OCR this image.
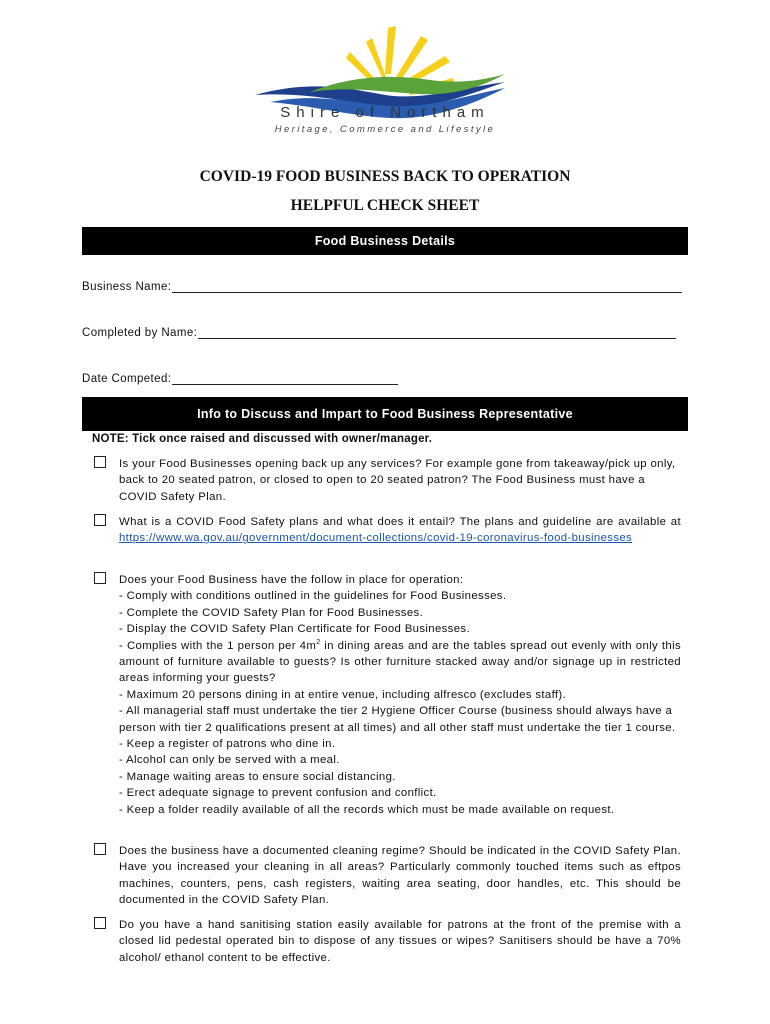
Shire of Northam
Heritage, Commerce and Lifestyle
COVID-19 FOOD BUSINESS BACK TO OPERATION
HELPFUL CHECK SHEET
Food Business Details
Business Name:
Completed by Name:
Date Competed:
Info to Discuss and Impart to Food Business Representative
NOTE: Tick once raised and discussed with owner/manager.

Is your Food Businesses opening back up any services? For example gone from takeaway/pick up only, back to 20 seated patron, or closed to open to 20 seated patron? The Food Business must have a COVID Safety Plan.

What is a COVID Food Safety plans and what does it entail? The plans and guideline are available at https://www.wa.gov.au/government/document-collections/covid-19-coronavirus-food-businesses

Does your Food Business have the follow in place for operation:

- Comply with conditions outlined in the guidelines for Food Businesses.

- Complete the COVID Safety Plan for Food Businesses.

- Display the COVID Safety Plan Certificate for Food Businesses.

- Complies with the 1 person per $4m^2$ in dining areas and are the tables spread out evenly with only this amount of furniture available to guests? Is other furniture stacked away and/or signage up in restricted areas informing your guests?

- Maximum 20 persons dining in at entire venue, including alfresco (excludes staff).

- All managerial staff must undertake the tier 2 Hygiene Officer Course (business should always have a person with tier 2 qualifications present at all times) and all other staff must undertake the tier 1 course.

- Keep a register of patrons who dine in.

- Alcohol can only be served with a meal.

- Manage waiting areas to ensure social distancing.

- Erect adequate signage to prevent confusion and conflict.

- Keep a folder readily available of all the records which must be made available on request.

Does the business have a documented cleaning regime? Should be indicated in the COVID Safety Plan. Have you increased your cleaning in all areas? Particularly commonly touched items such as eftpos machines, counters, pens, cash registers, waiting area seating, door handles, etc. This should be documented in the COVID Safety Plan.

Do you have a hand sanitising station easily available for patrons at the front of the premise with a closed lid pedestal operated bin to dispose of any tissues or wipes? Sanitisers should be have a 70% alcohol/ ethanol content to be effective.
